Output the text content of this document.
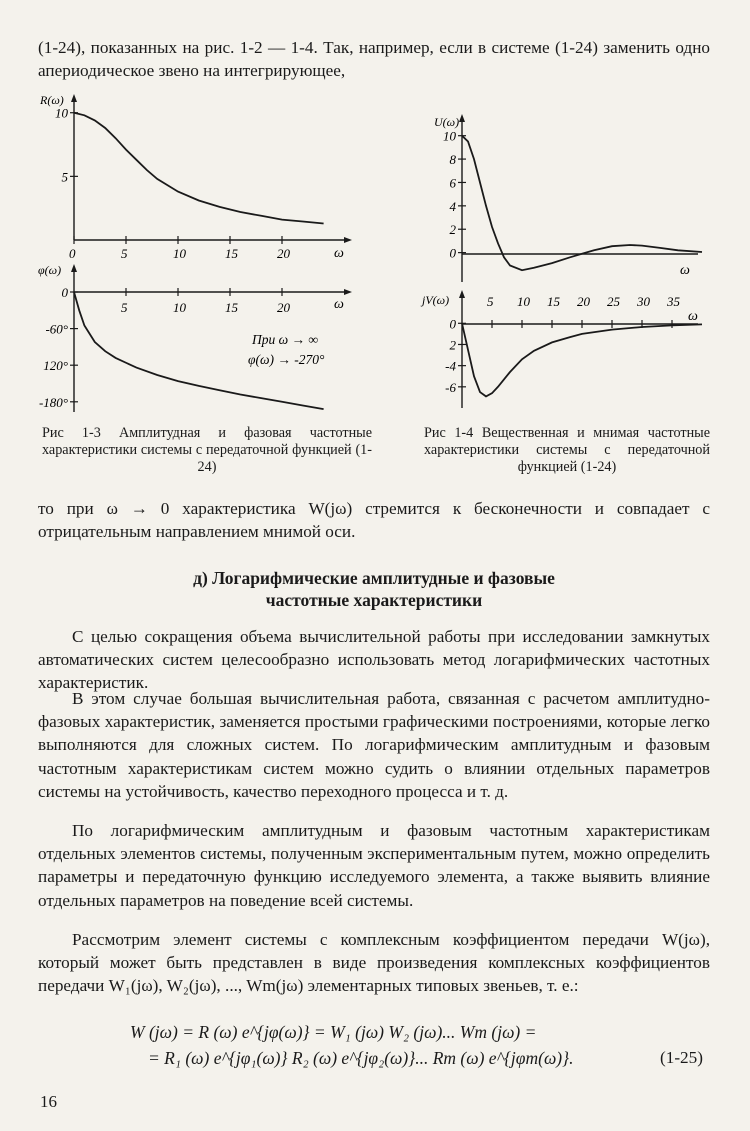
(1-24), показанных на рис. 1-2 — 1-4. Так, например, если в системе (1-24) заменить одно апериодическое звено на интегрирующее,

R(ω)
ω
0	5	10	15	20
10
5
φ(ω)
ω
При ω → ∞
φ(ω) → -270°
5	10	15	20
0
-60°
120°
-180°
U(ω)
ω
10
8
6
4
2
0
jV(ω)
ω
5 10 15 20 25 30 35
0
2
-4
-6

Рис 1-3 Амплитудная и фазовая частотные характеристики системы с передаточной функцией (1-24)

Рис 1-4 Вещественная и мнимая частотные характеристики системы с передаточной функцией (1-24)

то при ω → 0 характеристика W(jω) стремится к бесконечности и совпадает с отрицательным направлением мнимой оси.

д) Логарифмические амплитудные и фазовые частотные характеристики

С целью сокращения объема вычислительной работы при исследовании замкнутых автоматических систем целесообразно использовать метод логарифмических частотных характеристик.

В этом случае большая вычислительная работа, связанная с расчетом амплитудно-фазовых характеристик, заменяется простыми графическими построениями, которые легко выполняются для сложных систем. По логарифмическим амплитудным и фазовым частотным характеристикам систем можно судить о влиянии отдельных параметров системы на устойчивость, качество переходного процесса и т. д.

По логарифмическим амплитудным и фазовым частотным характеристикам отдельных элементов системы, полученным экспериментальным путем, можно определить параметры и передаточную функцию исследуемого элемента, а также выявить влияние отдельных параметров на поведение всей системы.

Рассмотрим элемент системы с комплексным коэффициентом передачи W(jω), который может быть представлен в виде произведения комплексных коэффициентов передачи W₁(jω), W₂(jω), ..., Wm(jω) элементарных типовых звеньев, т. е.:

W (jω) = R (ω) e^{jφ(ω)} = W₁ (jω) W₂ (jω)... Wm (jω) =
= R₁ (ω) e^{jφ₁(ω)} R₂ (ω) e^{jφ₂(ω)}... Rm (ω) e^{jφm(ω)}.	(1-25)
16
